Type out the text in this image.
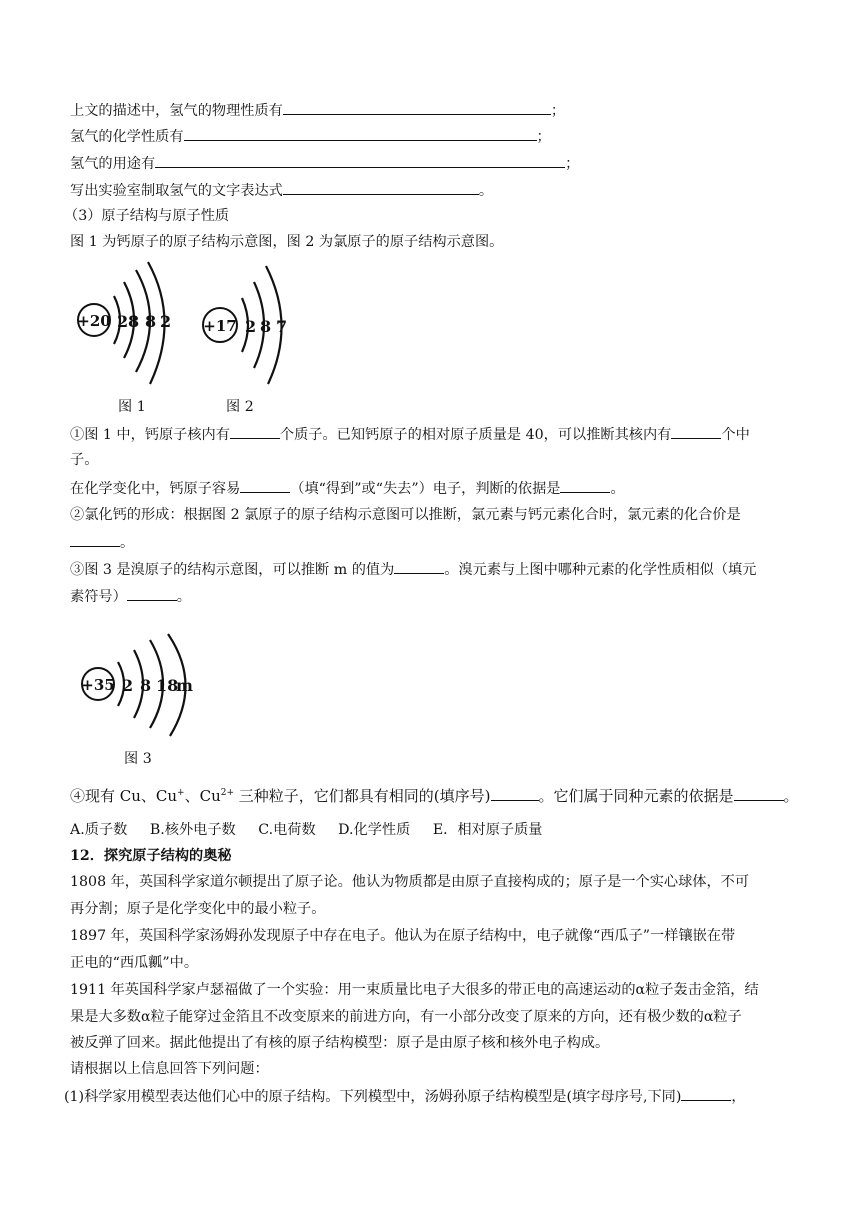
上文的描述中，氢气的物理性质有	；
氢气的化学性质有	；
氢气的用途有	；
写出实验室制取氢气的文字表达式	。
（3）原子结构与原子性质
图 1 为钙原子的原子结构示意图，图 2 为氯原子的原子结构示意图。
+20 2 8 8 2 +17 2 8 7
图 1	图 2
①图 1 中，钙原子核内有	个质子。已知钙原子的相对原子质量是 40，可以推断其核内有	个中
子。
在化学变化中，钙原子容易	（填“得到”或“失去”）电子，判断的依据是	。
②氯化钙的形成：根据图 2 氯原子的原子结构示意图可以推断，氯元素与钙元素化合时，氯元素的化合价是
。
③图 3 是溴原子的结构示意图，可以推断 m 的值为	。溴元素与上图中哪种元素的化学性质相似（填元
素符号）	。
+35 2 8 18
m
图 3
④现有 Cu、Cu+、$Cu^{2+}$ 三种粒子，它们都具有相同的(填序号)	。它们属于同种元素的依据是	。
A.质子数 B.核外电子数 C.电荷数 D.化学性质 E．相对原子质量
12．探究原子结构的奥秘
1808 年，英国科学家道尔顿提出了原子论。他认为物质都是由原子直接构成的；原子是一个实心球体，不可
再分割；原子是化学变化中的最小粒子。
1897 年，英国科学家汤姆孙发现原子中存在电子。他认为在原子结构中，电子就像“西瓜子”一样镶嵌在带
正电的“西瓜瓤”中。
1911 年英国科学家卢瑟福做了一个实验：用一束质量比电子大很多的带正电的高速运动的α粒子轰击金箔，结
果是大多数α粒子能穿过金箔且不改变原来的前进方向，有一小部分改变了原来的方向，还有极少数的α粒子
被反弹了回来。据此他提出了有核的原子结构模型：原子是由原子核和核外电子构成。
请根据以上信息回答下列问题：
(1)科学家用模型表达他们心中的原子结构。下列模型中，汤姆孙原子结构模型是(填字母序号,下同)	，
